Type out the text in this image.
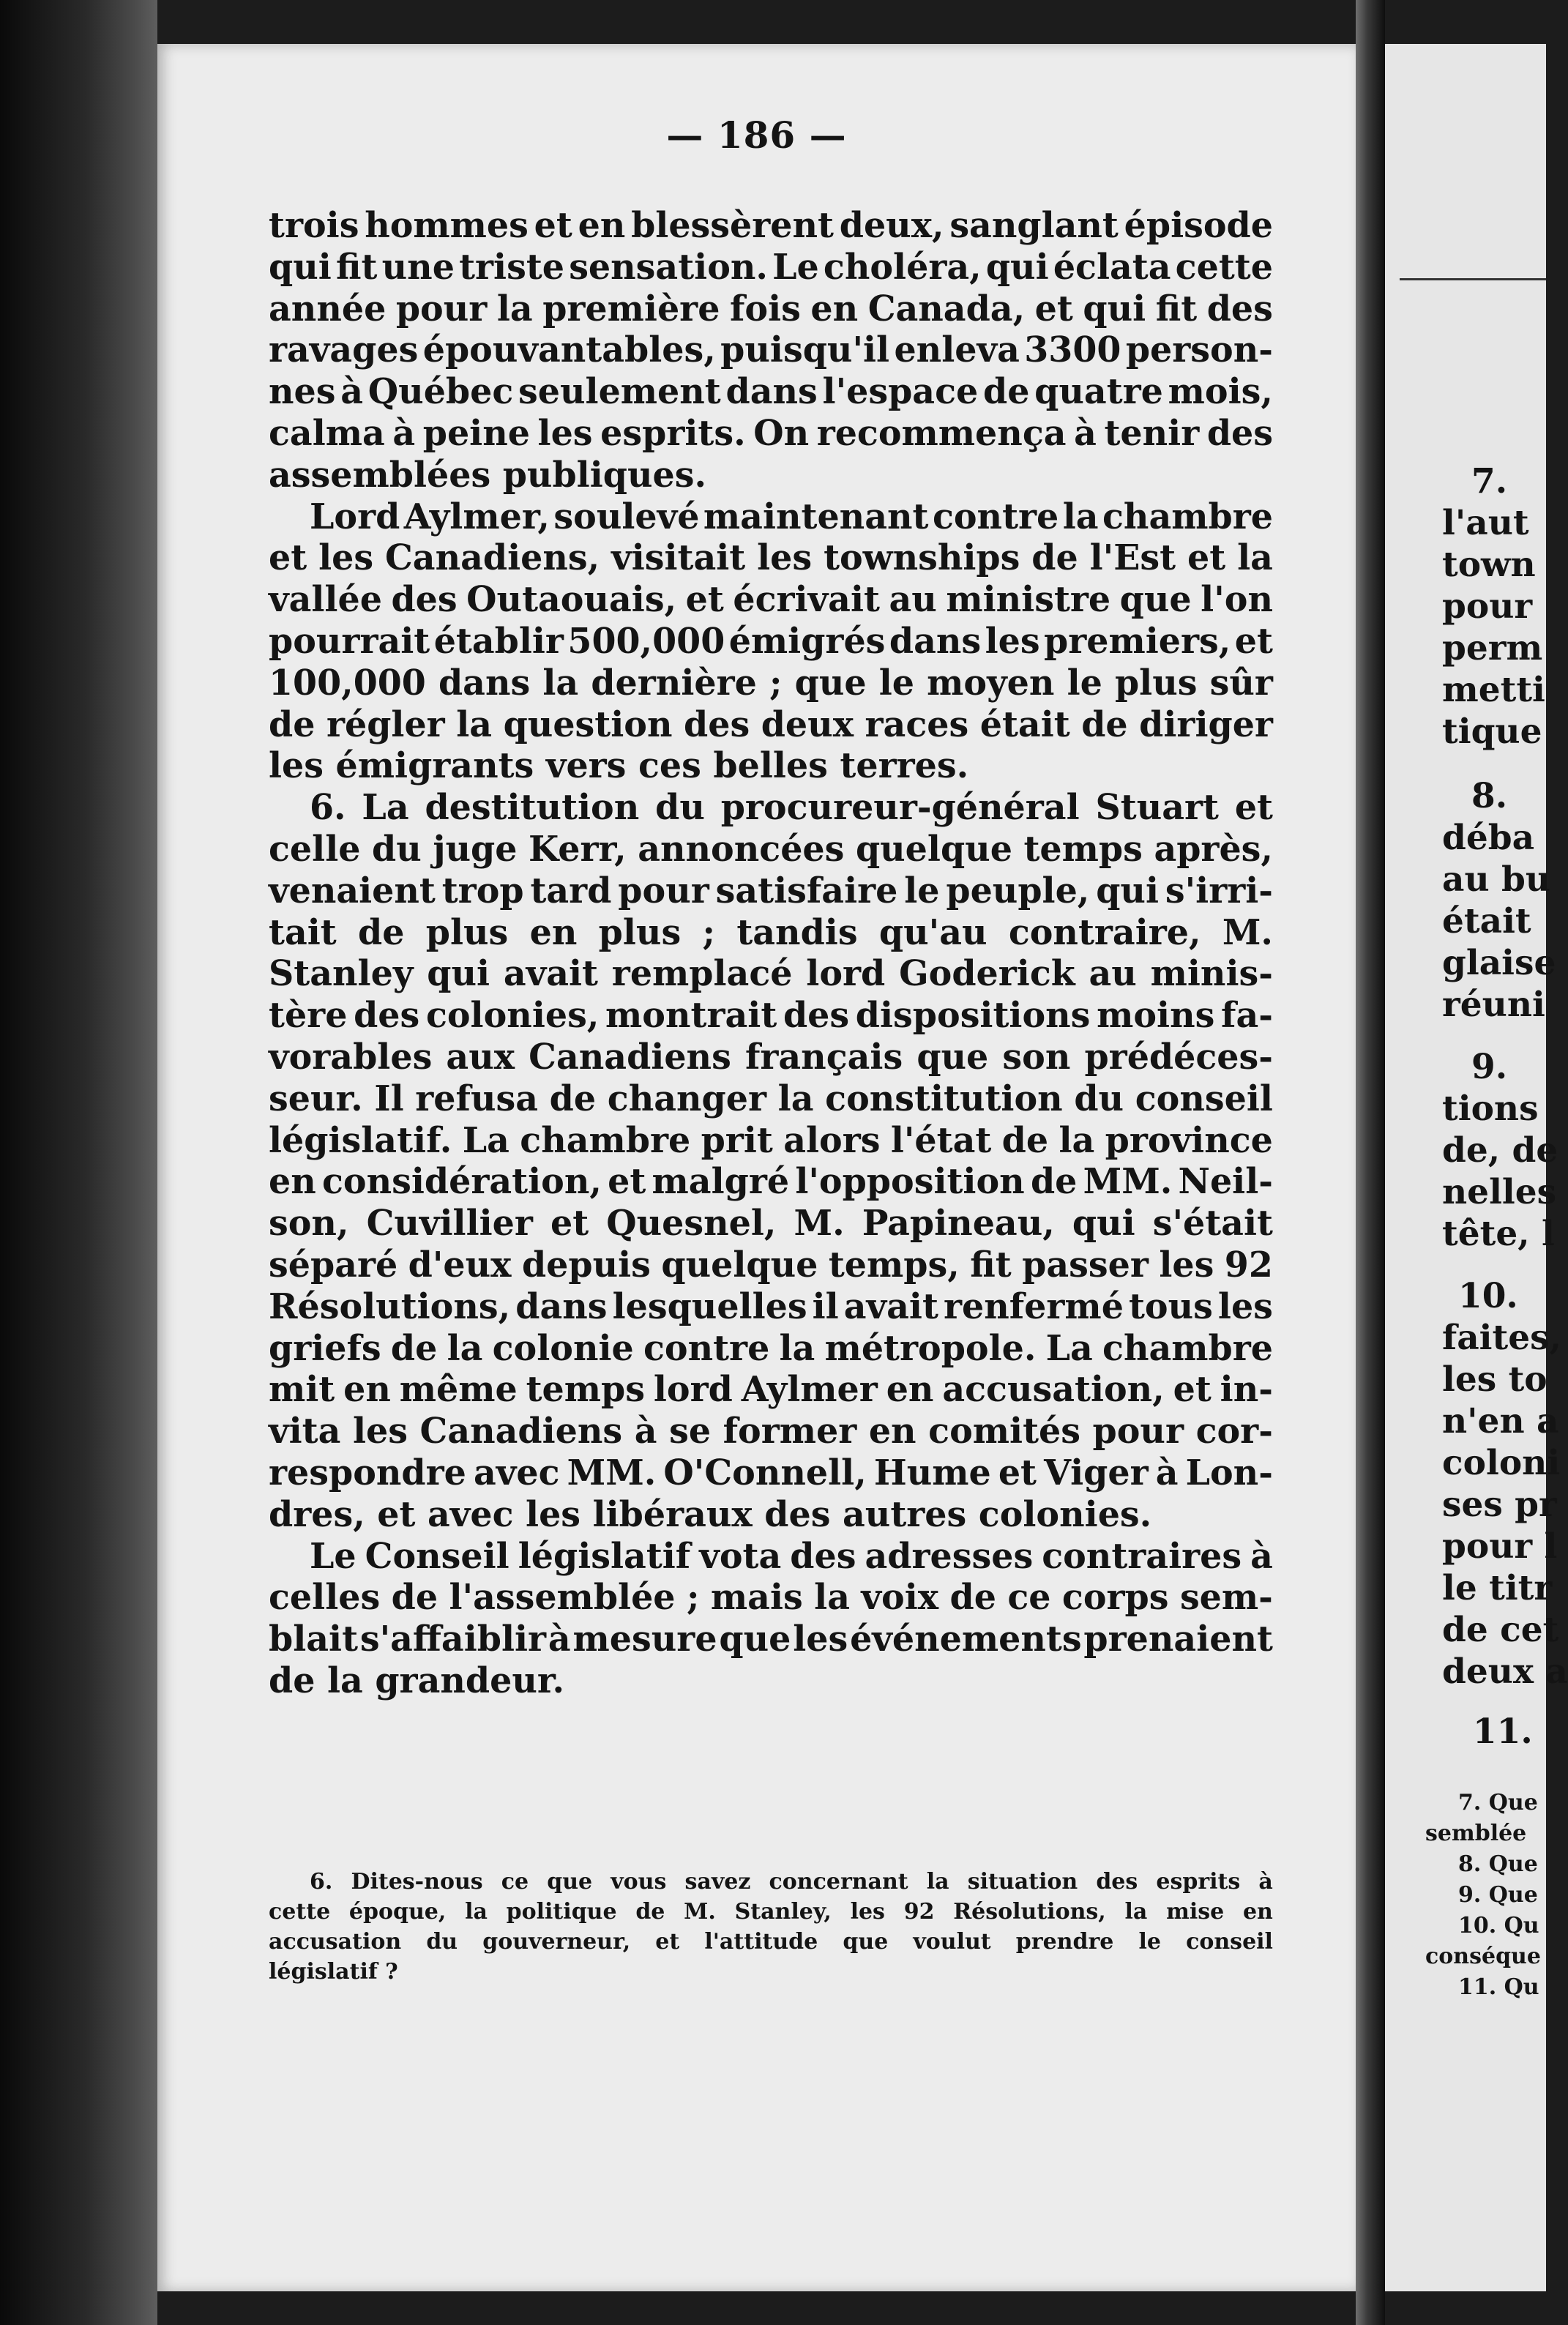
— 186 —
trois hommes et en blessèrent deux, sanglant épisode
qui fit une triste sensation. Le choléra, qui éclata cette
année pour la première fois en Canada, et qui fit des
ravages épouvantables, puisqu'il enleva 3300 person-
nes à Québec seulement dans l'espace de quatre mois,
calma à peine les esprits. On recommença à tenir des
assemblées publiques.
Lord Aylmer, soulevé maintenant contre la chambre
et les Canadiens, visitait les townships de l'Est et la
vallée des Outaouais, et écrivait au ministre que l'on
pourrait établir 500,000 émigrés dans les premiers, et
100,000 dans la dernière ; que le moyen le plus sûr
de régler la question des deux races était de diriger
les émigrants vers ces belles terres.
6. La destitution du procureur-général Stuart et
celle du juge Kerr, annoncées quelque temps après,
venaient trop tard pour satisfaire le peuple, qui s'irri-
tait de plus en plus ; tandis qu'au contraire, M.
Stanley qui avait remplacé lord Goderick au minis-
tère des colonies, montrait des dispositions moins fa-
vorables aux Canadiens français que son prédéces-
seur. Il refusa de changer la constitution du conseil
législatif. La chambre prit alors l'état de la province
en considération, et malgré l'opposition de MM. Neil-
son, Cuvillier et Quesnel, M. Papineau, qui s'était
séparé d'eux depuis quelque temps, fit passer les 92
Résolutions, dans lesquelles il avait renfermé tous les
griefs de la colonie contre la métropole. La chambre
mit en même temps lord Aylmer en accusation, et in-
vita les Canadiens à se former en comités pour cor-
respondre avec MM. O'Connell, Hume et Viger à Lon-
dres, et avec les libéraux des autres colonies.
Le Conseil législatif vota des adresses contraires à
celles de l'assemblée ; mais la voix de ce corps sem-
blait s'affaiblir à mesure que les événements prenaient
de la grandeur.
6. Dites-nous ce que vous savez concernant la situation des esprits à
cette époque, la politique de M. Stanley, les 92 Résolutions, la mise en
accusation du gouverneur, et l'attitude que voulut prendre le conseil
législatif ?
7.
l'aut
town
pour
perm
metti
tique
8.
déba
au bu
était
glaise
réuni
9.
tions
de, de
nelles
tête, l
10.
faites,
les to
n'en a
coloni
ses pr
pour l
le titr
de cet
deux a
11.
7. Que
semblée
8. Que
9. Que
10. Qu
conséque
11. Qu
